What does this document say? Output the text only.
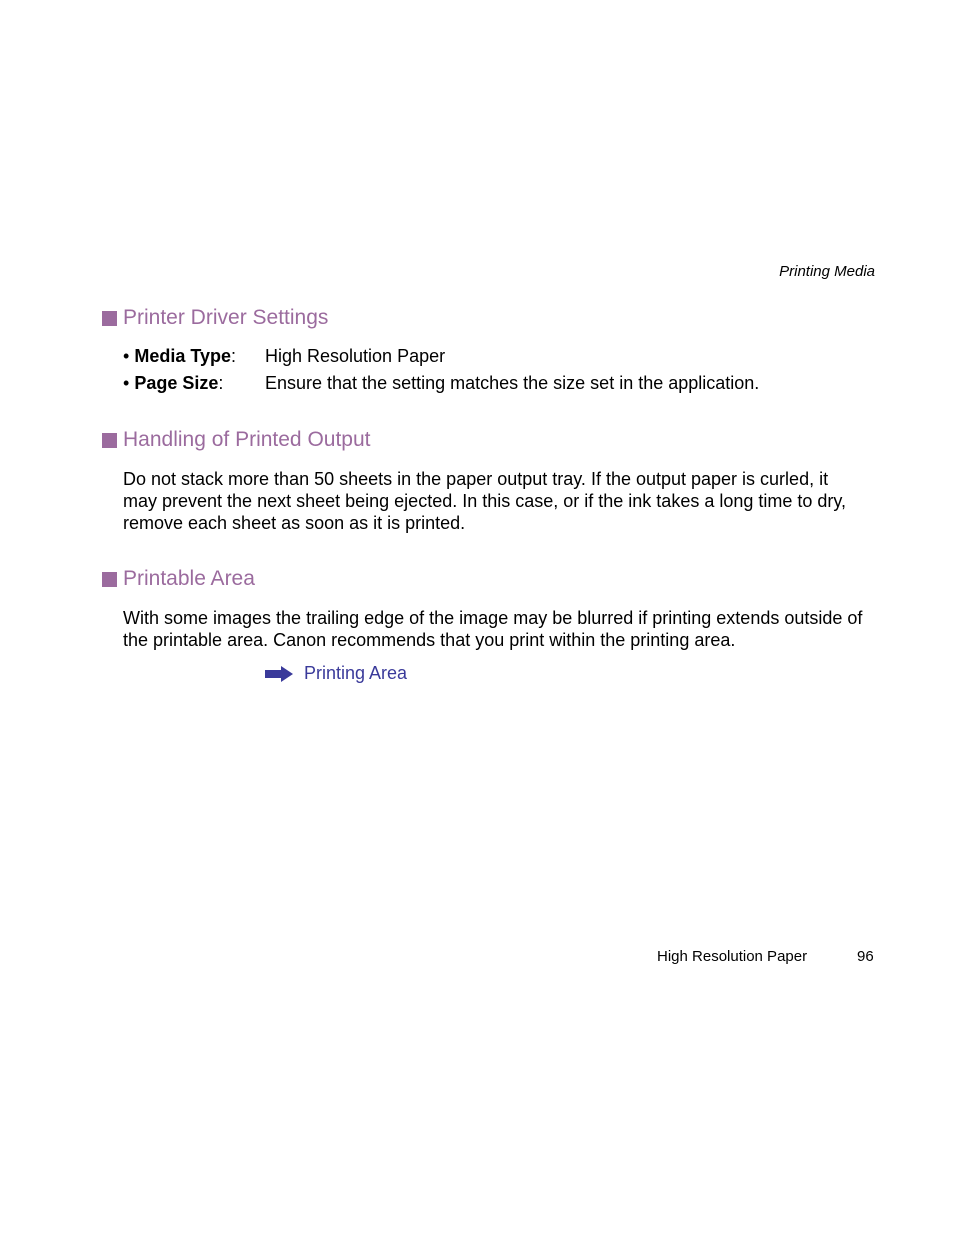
Printing Media
Printer Driver Settings
• Media Type:	High Resolution Paper
• Page Size:	Ensure that the setting matches the size set in the application.
Handling of Printed Output
Do not stack more than 50 sheets in the paper output tray. If the output paper is curled, it may prevent the next sheet being ejected. In this case, or if the ink takes a long time to dry, remove each sheet as soon as it is printed.
Printable Area
With some images the trailing edge of the image may be blurred if printing extends outside of the printable area. Canon recommends that you print within the printing area.
Printing Area
High Resolution Paper	96
